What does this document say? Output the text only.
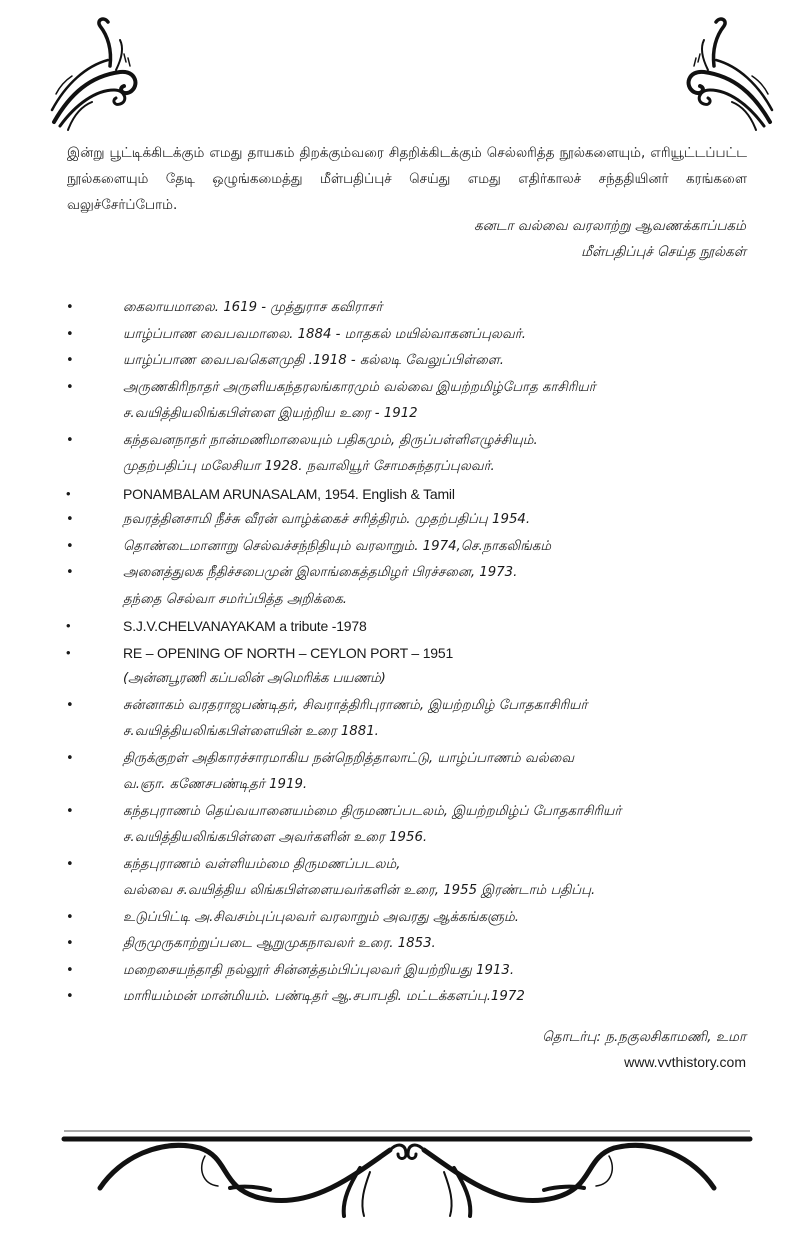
இன்று பூட்டிக்கிடக்கும் எமது தாயகம் திறக்கும்வரை சிதறிக்கிடக்கும் செல்லரித்த நூல்களையும், எரியூட்டப்பட்ட நூல்களையும் தேடி ஒழுங்கமைத்து மீள்பதிப்புச் செய்து எமது எதிர்காலச் சந்ததியினர் கரங்களை வலுச்சேர்ப்போம்.
கனடா வல்வை வரலாற்று ஆவணக்காப்பகம்
மீள்பதிப்புச் செய்த நூல்கள்
•	கைலாயமாலை. 1619 - முத்துராச கவிராசர்
•	யாழ்ப்பாண வைபவமாலை. 1884 - மாதகல் மயில்வாகனப்புலவர்.
•	யாழ்ப்பாண வைபவகௌமுதி .1918 - கல்லடி வேலுப்பிள்ளை.
•	அருணகிரிநாதர் அருளியகந்தரலங்காரமும் வல்வை இயற்றமிழ்போத காசிரியர்
ச.வயித்தியலிங்கபிள்ளை இயற்றிய உரை - 1912
•	கந்தவனநாதர் நான்மணிமாலையும் பதிகமும், திருப்பள்ளிஎழுச்சியும்.
முதற்பதிப்பு மலேசியா 1928. நவாலியூர் சோமசுந்தரப்புலவர்.
•	PONAMBALAM ARUNASALAM, 1954. English & Tamil
•	நவரத்தினசாமி நீச்சு வீரன் வாழ்க்கைச் சரித்திரம். முதற்பதிப்பு 1954.
•	தொண்டைமானாறு செல்வச்சந்நிதியும் வரலாறும். 1974,செ.நாகலிங்கம்
•	அனைத்துலக நீதிச்சபைமுன் இலாங்கைத்தமிழர் பிரச்சனை, 1973.
தந்தை செல்வா சமர்ப்பித்த அறிக்கை.
•	S.J.V.CHELVANAYAKAM a tribute -1978
•	RE – OPENING OF NORTH – CEYLON PORT – 1951
(அன்னபூரணி கப்பலின் அமெரிக்க பயணம்)
•	சுன்னாகம் வரதராஜபண்டிதர், சிவராத்திரிபுராணம், இயற்றமிழ் போதகாசிரியர்
ச.வயித்தியலிங்கபிள்ளையின் உரை 1881.
•	திருக்குறள் அதிகாரச்சாரமாகிய நன்நெறித்தாலாட்டு, யாழ்ப்பாணம் வல்வை
வ.ஞா. கணேசபண்டிதர் 1919.
•	கந்தபுராணம் தெய்வயானையம்மை திருமணப்படலம், இயற்றமிழ்ப் போதகாசிரியர்
ச.வயித்தியலிங்கபிள்ளை அவர்களின் உரை 1956.
•	கந்தபுராணம் வள்ளியம்மை திருமணப்படலம்,
வல்வை ச.வயித்திய லிங்கபிள்ளையவர்களின் உரை, 1955 இரண்டாம் பதிப்பு.
•	உடுப்பிட்டி அ.சிவசம்புப்புலவர் வரலாறும் அவரது ஆக்கங்களும்.
•	திருமுருகாற்றுப்படை ஆறுமுகநாவலர் உரை. 1853.
•	மறைசையந்தாதி நல்லூர் சின்னத்தம்பிப்புலவர் இயற்றியது 1913.
•	மாரியம்மன் மான்மியம். பண்டிதர் ஆ.சபாபதி. மட்டக்களப்பு.1972
தொடர்பு: ந.நகுலசிகாமணி, உமா
www.vvthistory.com
